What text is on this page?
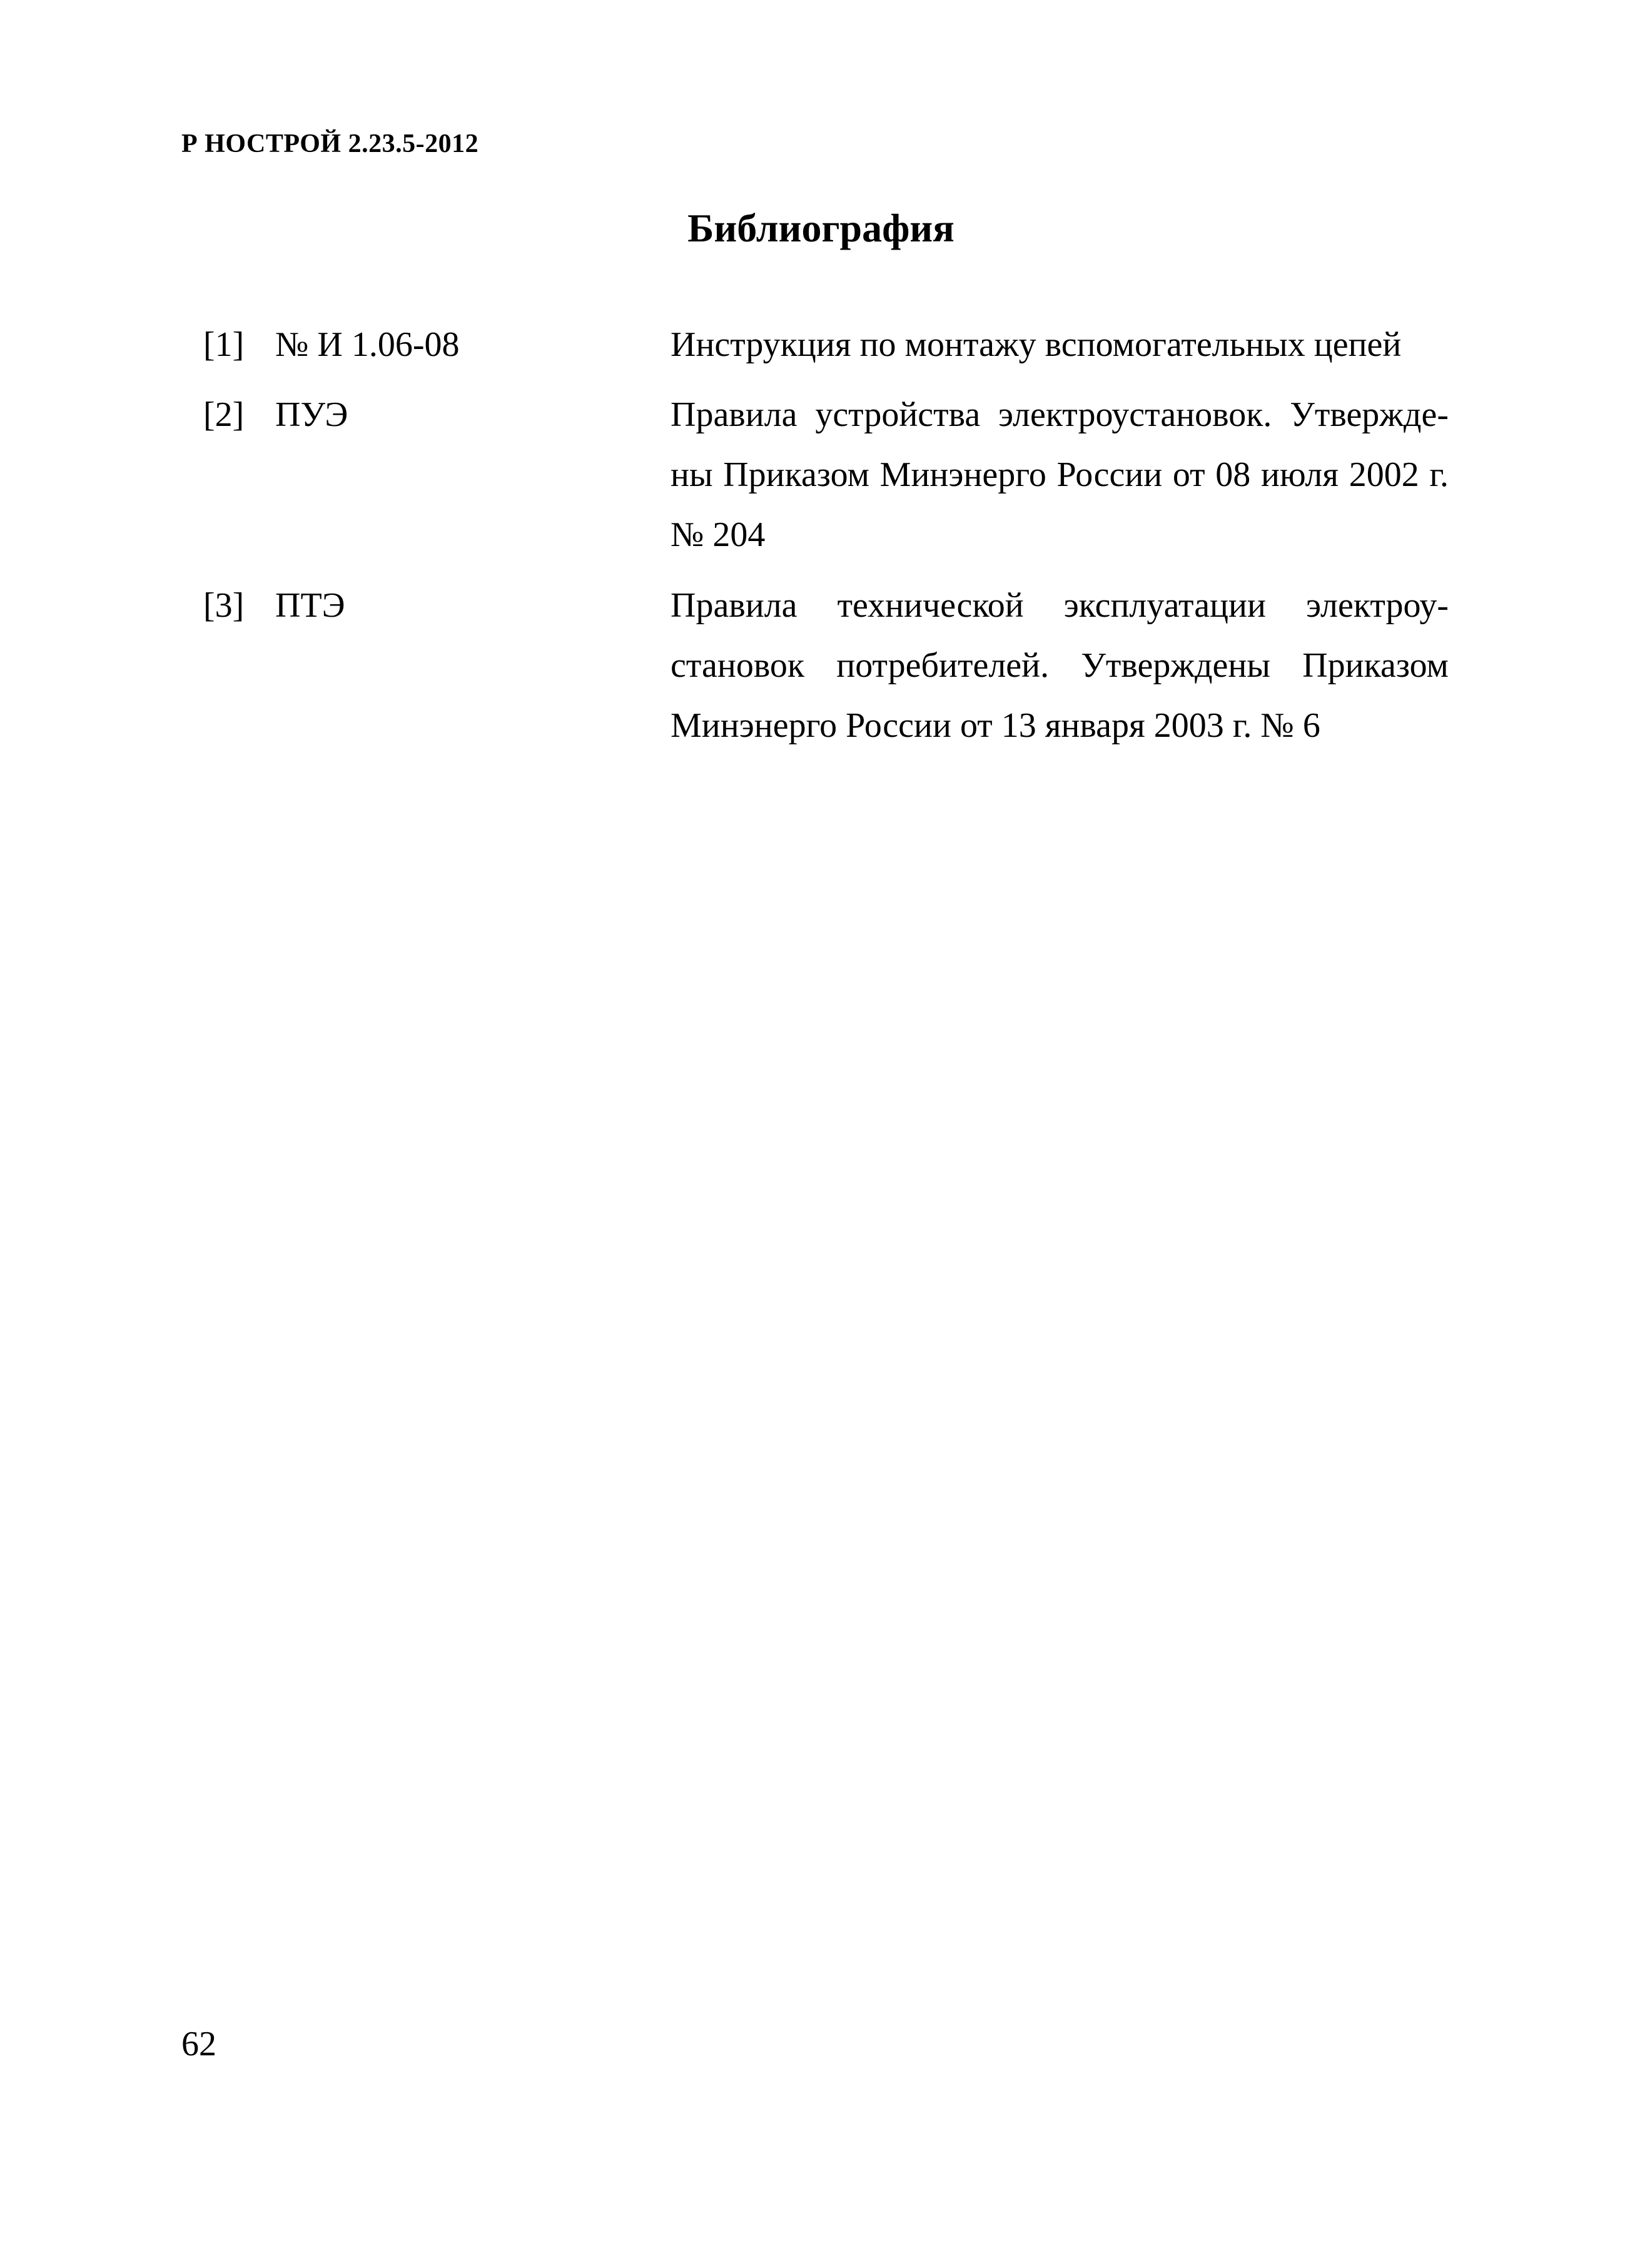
Р НОСТРОЙ 2.23.5-2012
Библиография
[1] № И 1.06-08	Инструкция по монтажу вспомогательных цепей
[2] ПУЭ	Правила устройства электроустановок. Утвержде-
ны Приказом Минэнерго России от 08 июля 2002 г.
№ 204
[3] ПТЭ	Правила технической эксплуатации электроу-
становок потребителей. Утверждены Приказом
Минэнерго России от 13 января 2003 г. № 6
62
